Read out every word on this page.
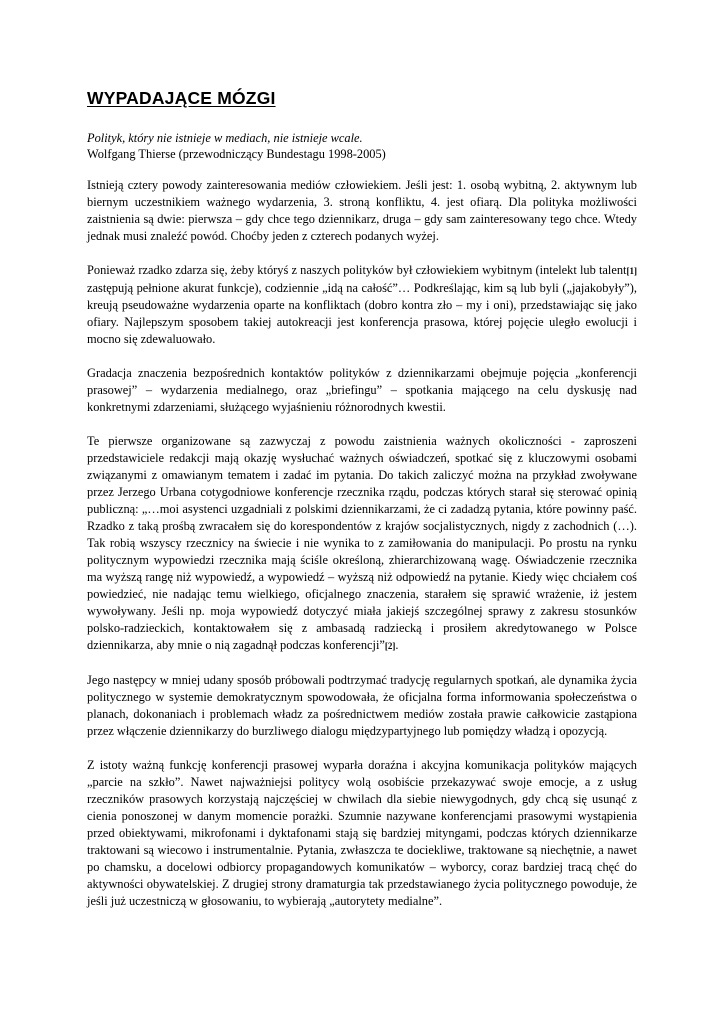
WYPADAJĄCE MÓZGI
Polityk, który nie istnieje w mediach, nie istnieje wcale.
Wolfgang Thierse (przewodniczący Bundestagu 1998-2005)

Istnieją cztery powody zainteresowania mediów człowiekiem. Jeśli jest: 1. osobą wybitną, 2. aktywnym lub biernym uczestnikiem ważnego wydarzenia, 3. stroną konfliktu, 4. jest ofiarą. Dla polityka możliwości zaistnienia są dwie: pierwsza – gdy chce tego dziennikarz, druga – gdy sam zainteresowany tego chce. Wtedy jednak musi znaleźć powód. Choćby jeden z czterech podanych wyżej.

Ponieważ rzadko zdarza się, żeby któryś z naszych polityków był człowiekiem wybitnym (intelekt lub talent[1] zastępują pełnione akurat funkcje), codziennie „idą na całość”… Podkreślając, kim są lub byli („jajakobyły”), kreują pseudoważne wydarzenia oparte na konfliktach (dobro kontra zło – my i oni), przedstawiając się jako ofiary. Najlepszym sposobem takiej autokreacji jest konferencja prasowa, której pojęcie uległo ewolucji i mocno się zdewaluowało.

Gradacja znaczenia bezpośrednich kontaktów polityków z dziennikarzami obejmuje pojęcia „konferencji prasowej” – wydarzenia medialnego, oraz „briefingu” – spotkania mającego na celu dyskusję nad konkretnymi zdarzeniami, służącego wyjaśnieniu różnorodnych kwestii.

Te pierwsze organizowane są zazwyczaj z powodu zaistnienia ważnych okoliczności - zaproszeni przedstawiciele redakcji mają okazję wysłuchać ważnych oświadczeń, spotkać się z kluczowymi osobami związanymi z omawianym tematem i zadać im pytania. Do takich zaliczyć można na przykład zwoływane przez Jerzego Urbana cotygodniowe konferencje rzecznika rządu, podczas których starał się sterować opinią publiczną: „…moi asystenci uzgadniali z polskimi dziennikarzami, że ci zadadzą pytania, które powinny paść. Rzadko z taką prośbą zwracałem się do korespondentów z krajów socjalistycznych, nigdy z zachodnich (…). Tak robią wszyscy rzecznicy na świecie i nie wynika to z zamiłowania do manipulacji. Po prostu na rynku politycznym wypowiedzi rzecznika mają ściśle określoną, zhierarchizowaną wagę. Oświadczenie rzecznika ma wyższą rangę niż wypowiedź, a wypowiedź – wyższą niż odpowiedź na pytanie. Kiedy więc chciałem coś powiedzieć, nie nadając temu wielkiego, oficjalnego znaczenia, starałem się sprawić wrażenie, iż jestem wywoływany. Jeśli np. moja wypowiedź dotyczyć miała jakiejś szczególnej sprawy z zakresu stosunków polsko-radzieckich, kontaktowałem się z ambasadą radziecką i prosiłem akredytowanego w Polsce dziennikarza, aby mnie o nią zagadnął podczas konferencji”[2].

Jego następcy w mniej udany sposób próbowali podtrzymać tradycję regularnych spotkań, ale dynamika życia politycznego w systemie demokratycznym spowodowała, że oficjalna forma informowania społeczeństwa o planach, dokonaniach i problemach władz za pośrednictwem mediów została prawie całkowicie zastąpiona przez włączenie dziennikarzy do burzliwego dialogu międzypartyjnego lub pomiędzy władzą i opozycją.

Z istoty ważną funkcję konferencji prasowej wyparła doraźna i akcyjna komunikacja polityków mających „parcie na szkło”. Nawet najważniejsi politycy wolą osobiście przekazywać swoje emocje, a z usług rzeczników prasowych korzystają najczęściej w chwilach dla siebie niewygodnych, gdy chcą się usunąć z cienia ponoszonej w danym momencie porażki. Szumnie nazywane konferencjami prasowymi wystąpienia przed obiektywami, mikrofonami i dyktafonami stają się bardziej mityngami, podczas których dziennikarze traktowani są wiecowo i instrumentalnie. Pytania, zwłaszcza te dociekliwe, traktowane są niechętnie, a nawet po chamsku, a docelowi odbiorcy propagandowych komunikatów – wyborcy, coraz bardziej tracą chęć do aktywności obywatelskiej. Z drugiej strony dramaturgia tak przedstawianego życia politycznego powoduje, że jeśli już uczestniczą w głosowaniu, to wybierają „autorytety medialne”.
